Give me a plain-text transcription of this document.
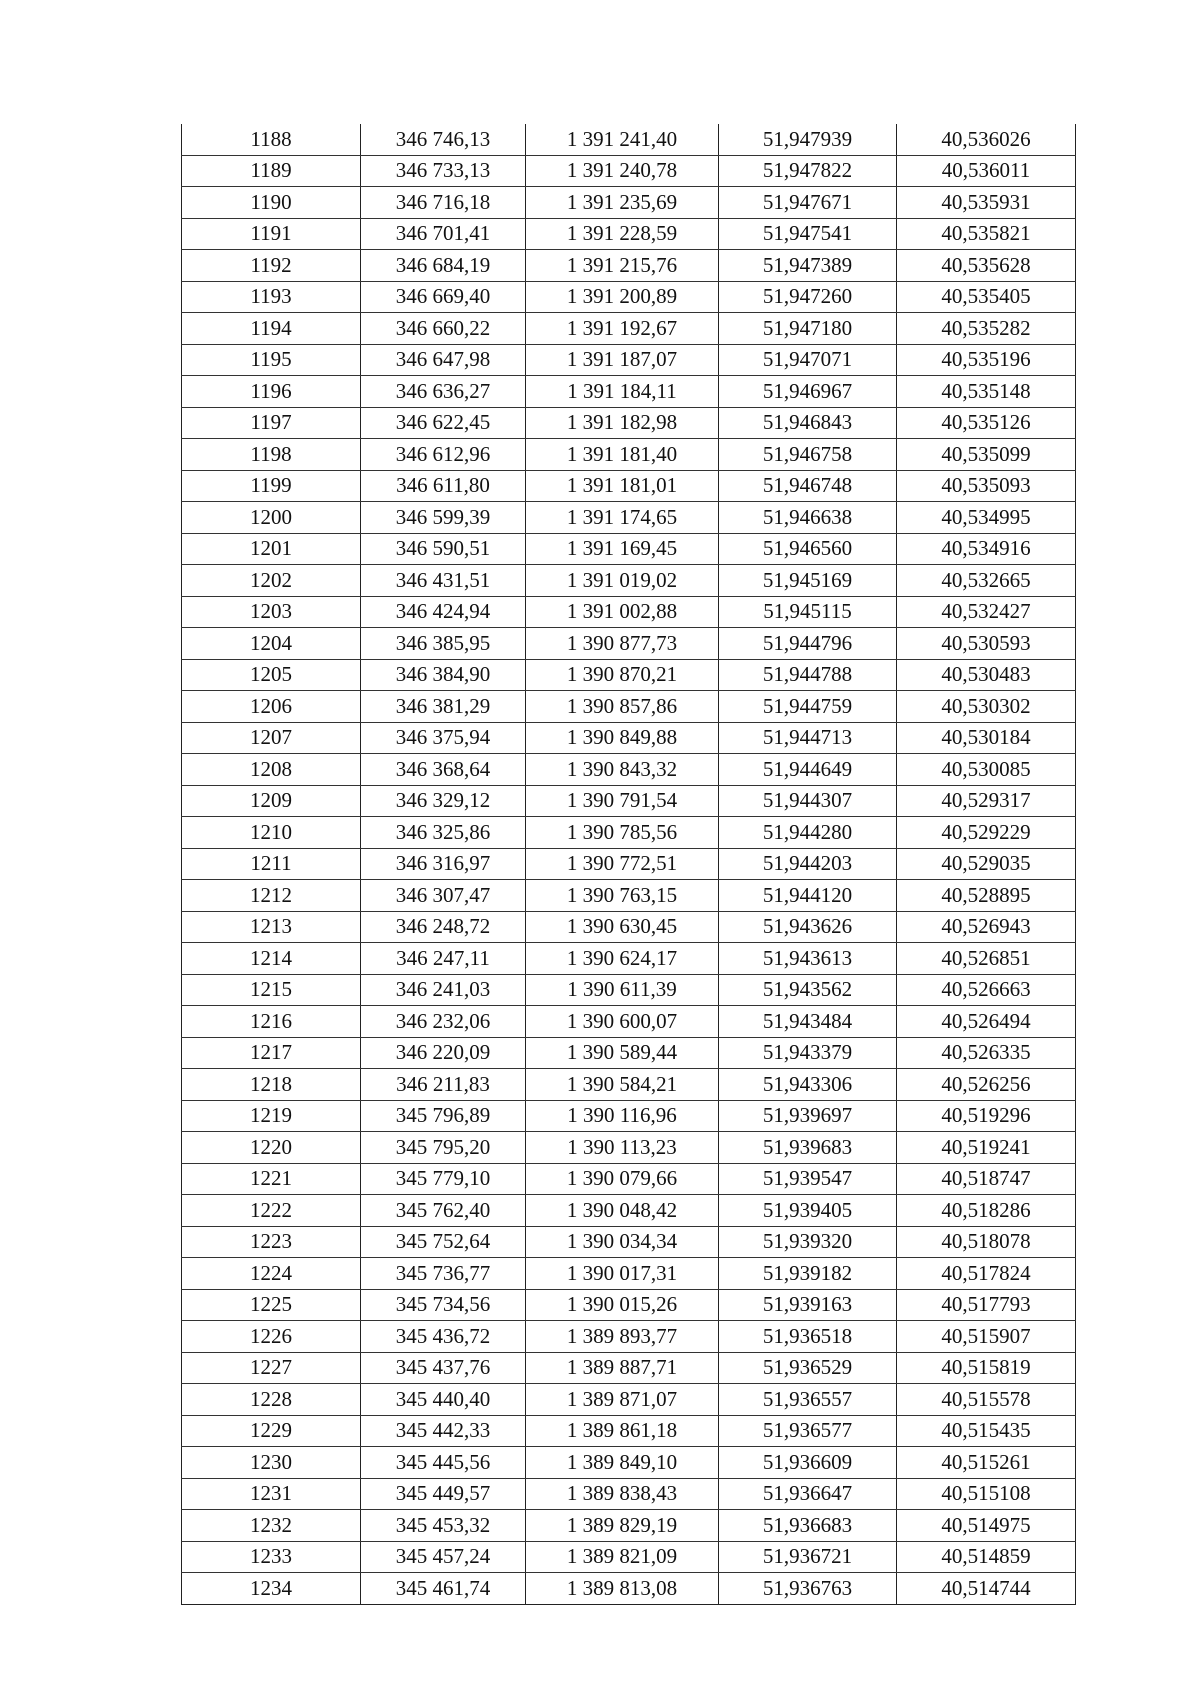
1188	346 746,13	1 391 241,40	51,947939	40,536026
1189	346 733,13	1 391 240,78	51,947822	40,536011
1190	346 716,18	1 391 235,69	51,947671	40,535931
1191	346 701,41	1 391 228,59	51,947541	40,535821
1192	346 684,19	1 391 215,76	51,947389	40,535628
1193	346 669,40	1 391 200,89	51,947260	40,535405
1194	346 660,22	1 391 192,67	51,947180	40,535282
1195	346 647,98	1 391 187,07	51,947071	40,535196
1196	346 636,27	1 391 184,11	51,946967	40,535148
1197	346 622,45	1 391 182,98	51,946843	40,535126
1198	346 612,96	1 391 181,40	51,946758	40,535099
1199	346 611,80	1 391 181,01	51,946748	40,535093
1200	346 599,39	1 391 174,65	51,946638	40,534995
1201	346 590,51	1 391 169,45	51,946560	40,534916
1202	346 431,51	1 391 019,02	51,945169	40,532665
1203	346 424,94	1 391 002,88	51,945115	40,532427
1204	346 385,95	1 390 877,73	51,944796	40,530593
1205	346 384,90	1 390 870,21	51,944788	40,530483
1206	346 381,29	1 390 857,86	51,944759	40,530302
1207	346 375,94	1 390 849,88	51,944713	40,530184
1208	346 368,64	1 390 843,32	51,944649	40,530085
1209	346 329,12	1 390 791,54	51,944307	40,529317
1210	346 325,86	1 390 785,56	51,944280	40,529229
1211	346 316,97	1 390 772,51	51,944203	40,529035
1212	346 307,47	1 390 763,15	51,944120	40,528895
1213	346 248,72	1 390 630,45	51,943626	40,526943
1214	346 247,11	1 390 624,17	51,943613	40,526851
1215	346 241,03	1 390 611,39	51,943562	40,526663
1216	346 232,06	1 390 600,07	51,943484	40,526494
1217	346 220,09	1 390 589,44	51,943379	40,526335
1218	346 211,83	1 390 584,21	51,943306	40,526256
1219	345 796,89	1 390 116,96	51,939697	40,519296
1220	345 795,20	1 390 113,23	51,939683	40,519241
1221	345 779,10	1 390 079,66	51,939547	40,518747
1222	345 762,40	1 390 048,42	51,939405	40,518286
1223	345 752,64	1 390 034,34	51,939320	40,518078
1224	345 736,77	1 390 017,31	51,939182	40,517824
1225	345 734,56	1 390 015,26	51,939163	40,517793
1226	345 436,72	1 389 893,77	51,936518	40,515907
1227	345 437,76	1 389 887,71	51,936529	40,515819
1228	345 440,40	1 389 871,07	51,936557	40,515578
1229	345 442,33	1 389 861,18	51,936577	40,515435
1230	345 445,56	1 389 849,10	51,936609	40,515261
1231	345 449,57	1 389 838,43	51,936647	40,515108
1232	345 453,32	1 389 829,19	51,936683	40,514975
1233	345 457,24	1 389 821,09	51,936721	40,514859
1234	345 461,74	1 389 813,08	51,936763	40,514744
